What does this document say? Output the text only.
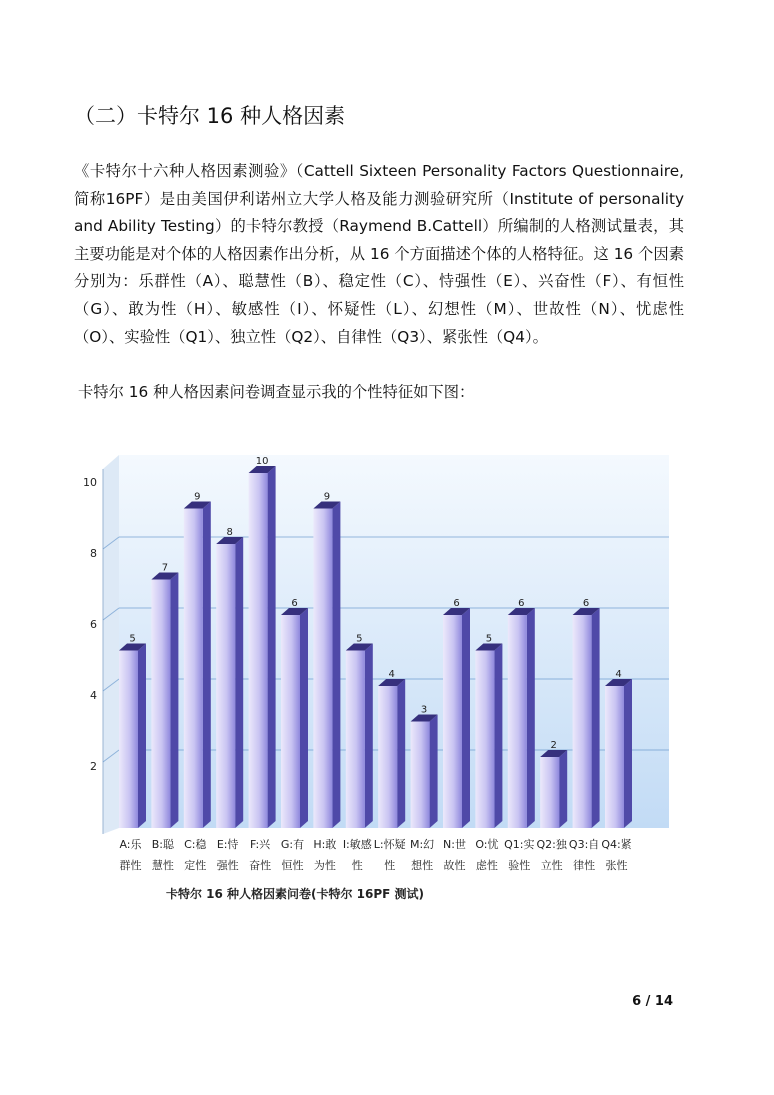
（二）卡特尔 16 种人格因素

《卡特尔十六种人格因素测验》（Cattell Sixteen Personality Factors Questionnaire,简称16PF）是由美国伊利诺州立大学人格及能力测验研究所（Institute of personality and Ability Testing）的卡特尔教授（Raymend B.Cattell）所编制的人格测试量表，其主要功能是对个体的人格因素作出分析，从 16 个方面描述个体的人格特征。这 16 个因素分别为：乐群性（A）、聪慧性（B）、稳定性（C）、恃强性（E）、兴奋性（F）、有恒性（G）、敢为性（H）、敏感性（I）、怀疑性（L）、幻想性（M）、世故性（N）、忧虑性（O）、实验性（Q1）、独立性（Q2）、自律性（Q3）、紧张性（Q4）。

卡特尔 16 种人格因素问卷调查显示我的个性特征如下图：

2
4
6
8
10
5
7
9
8
10
6
9
5
4
3
6
5
6
2
6
4
A:乐
群性
B:聪
慧性
C:稳
定性
E:恃
强性
F:兴
奋性
G:有
恒性
H:敢
为性
I:敏感
性
L:怀疑
性
M:幻
想性
N:世
故性
O:忧
虑性
Q1:实
验性
Q2:独
立性
Q3:自
律性
Q4:紧
张性
卡特尔 16 种人格因素问卷(卡特尔 16PF 测试)
6 / 14
